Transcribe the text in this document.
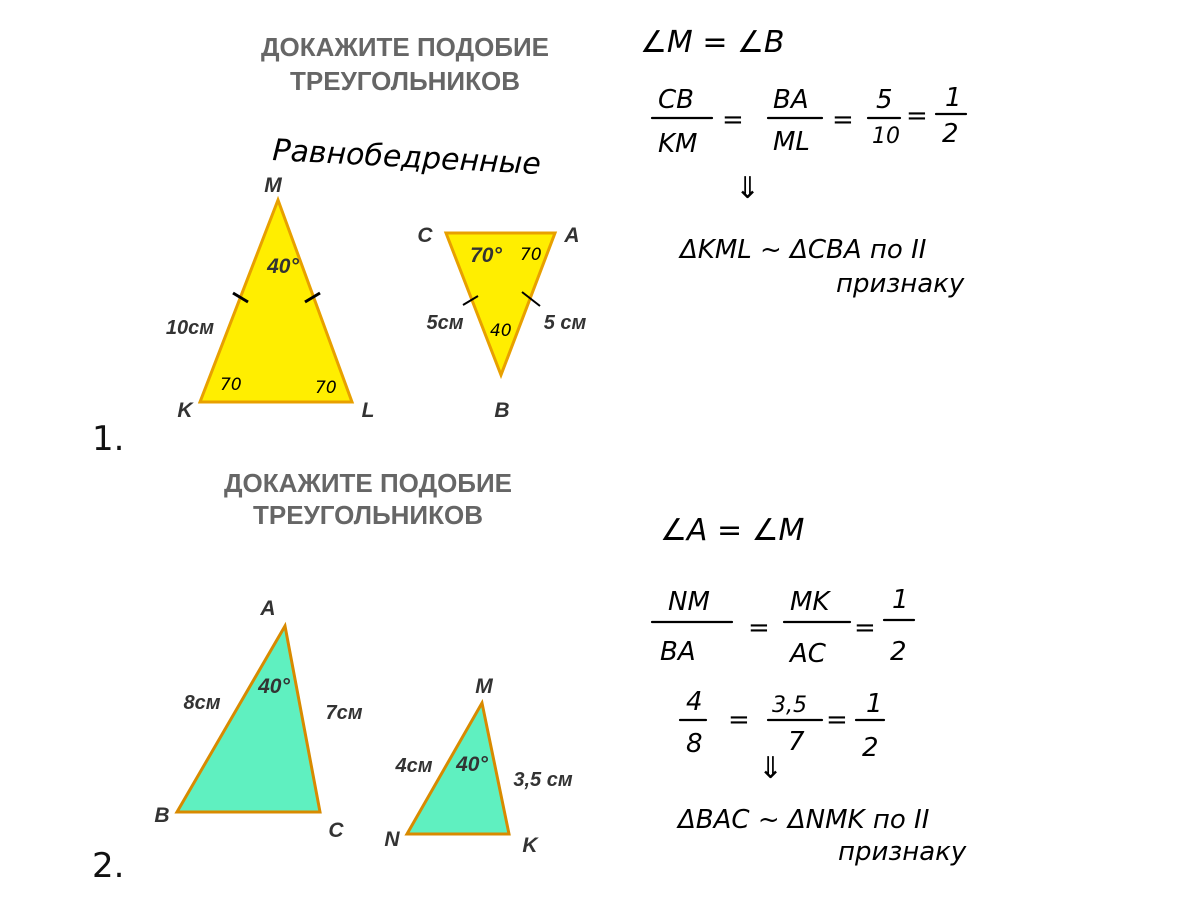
ДОКАЖИТЕ ПОДОБИЕ
ТРЕУГОЛЬНИКОВ
Равнобедренные
M
K	L
40°
10см
70	70
C	A
B
70° 70
40
5см	5 см
1.
∠M = ∠B
CB
KM
=
BA
ML
=
5
10
=
1
2
⇓
ΔKML ~ ΔCBA по II
признаку
ДОКАЖИТЕ ПОДОБИЕ
ТРЕУГОЛЬНИКОВ
A
B
C
40°
8см	7см
M
N	K
40°
4см
3,5 см
2.
∠A = ∠M
NM
BA
=
MK
AC
=
1
2
4
8
= 3,5
7
=
1
2
⇓
ΔBAC ~ ΔNMK по II
признаку
